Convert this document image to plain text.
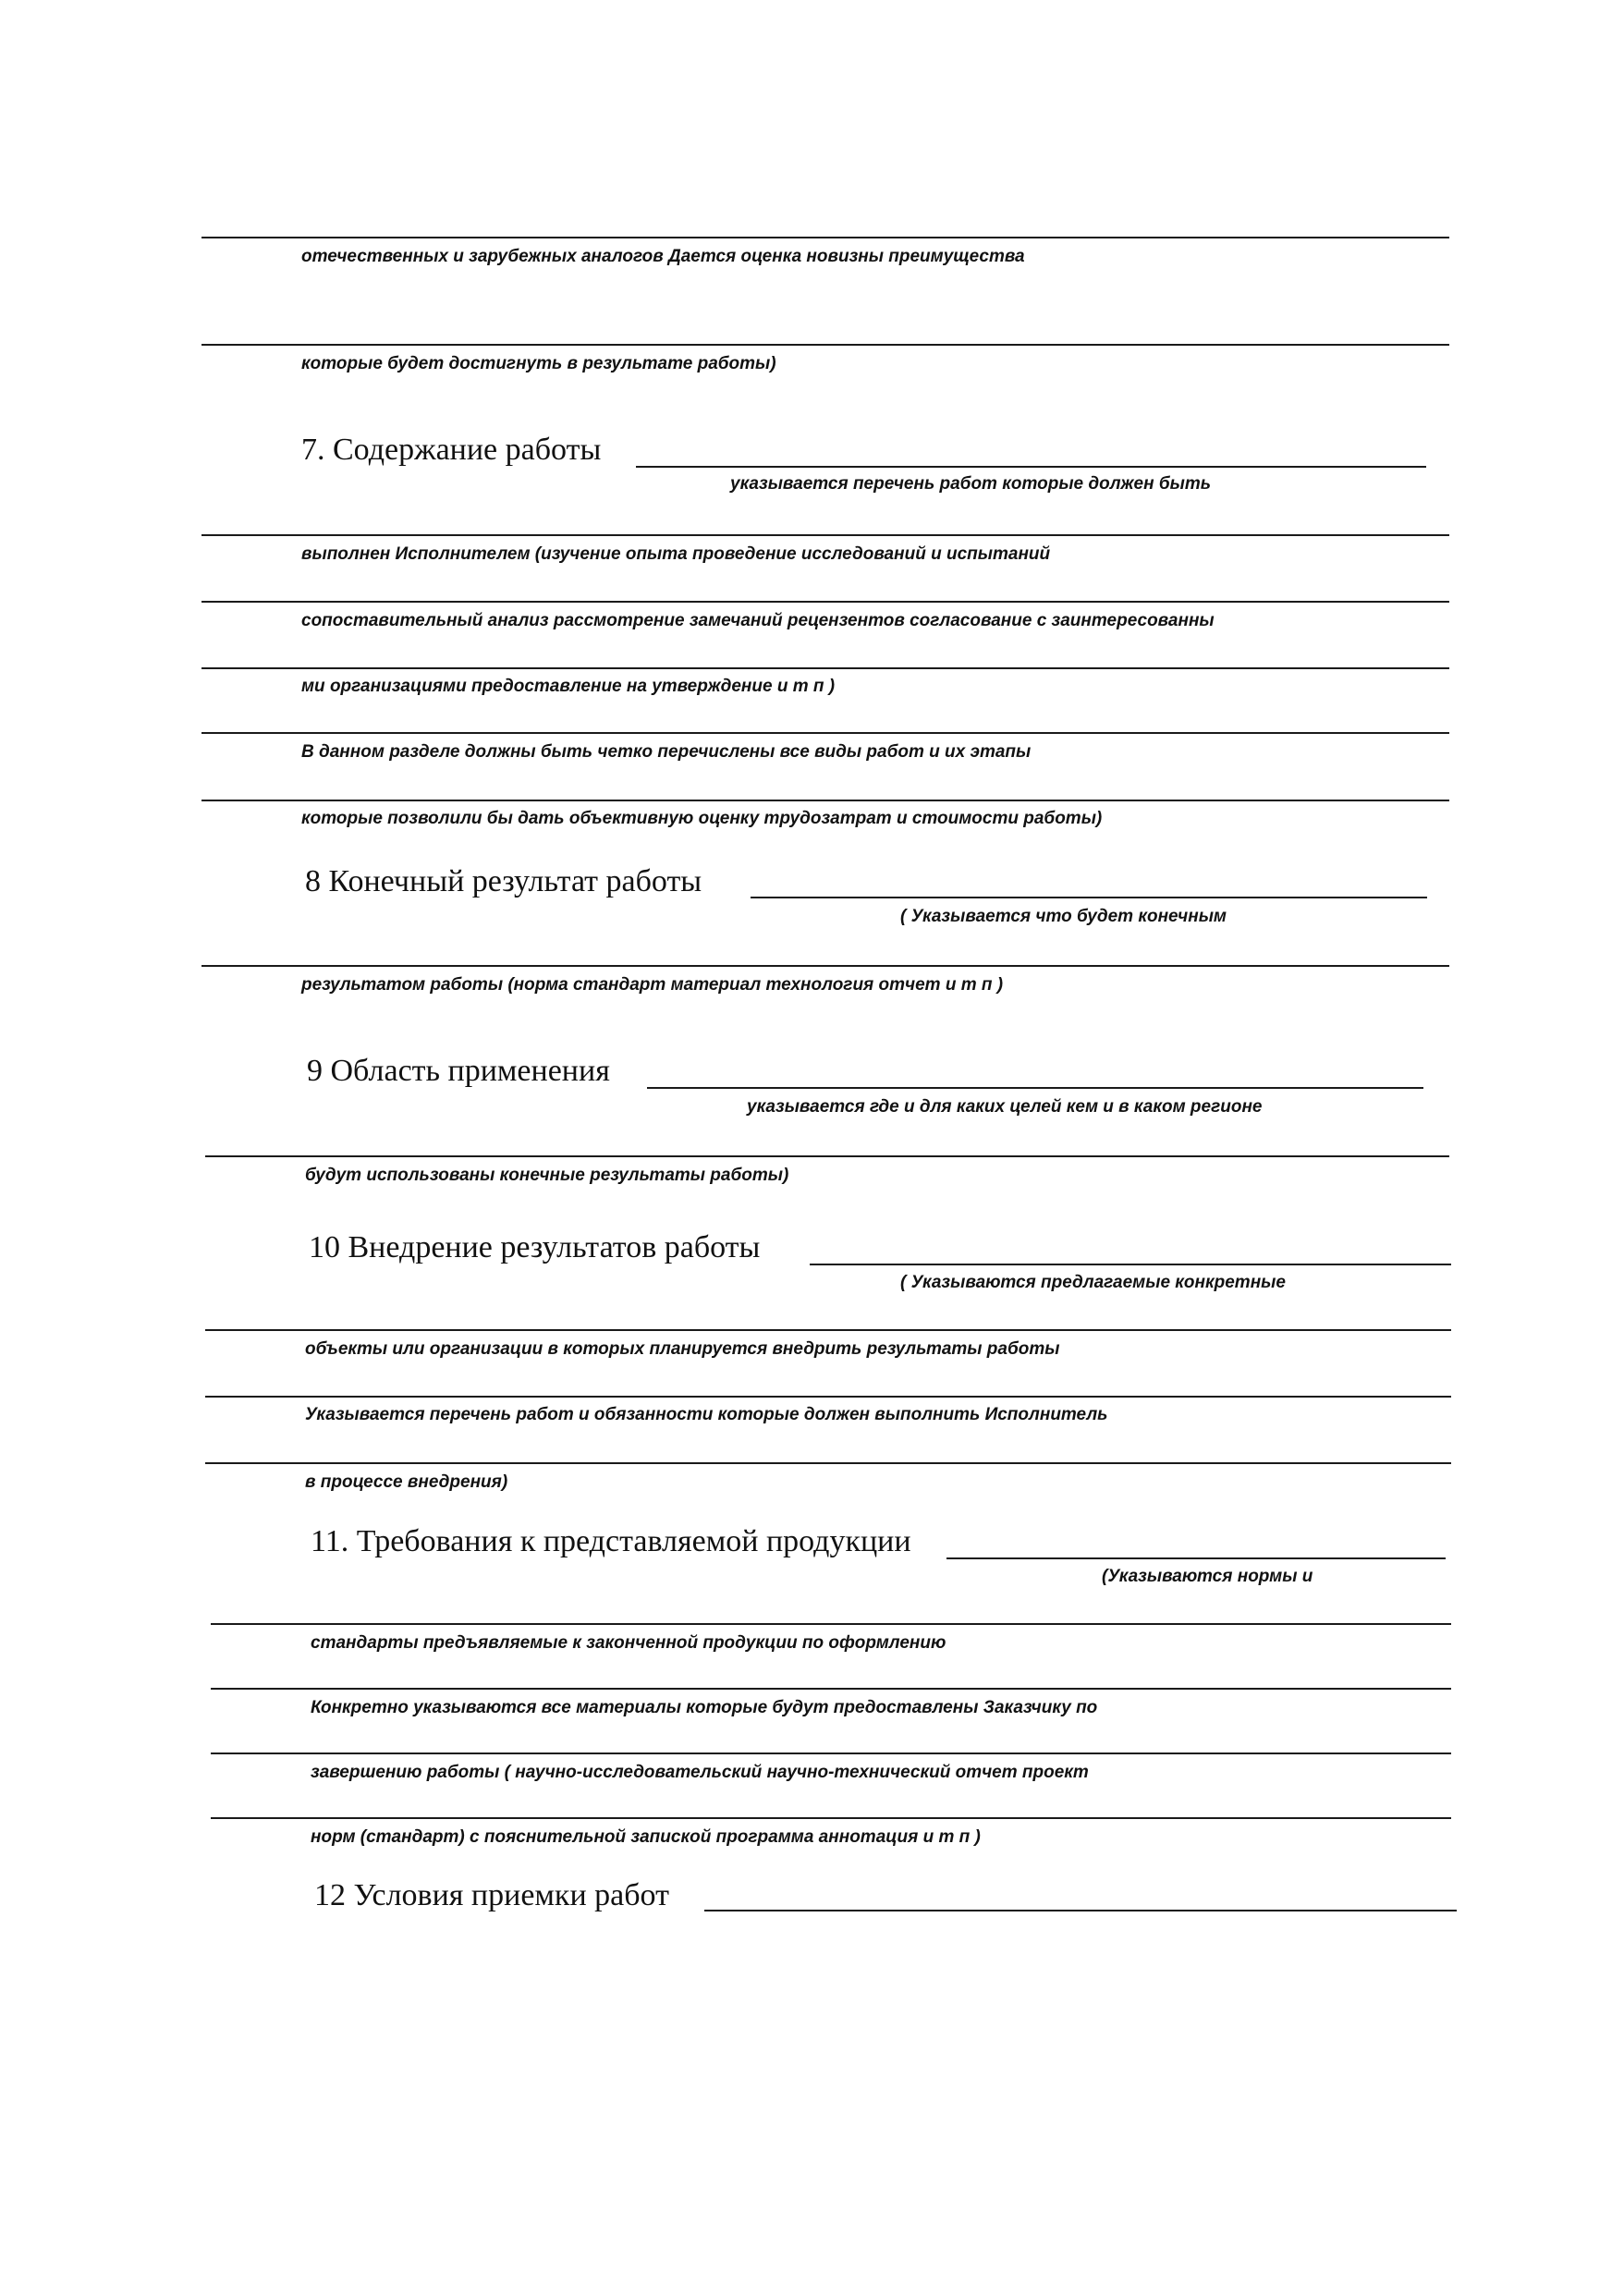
отечественных и зарубежных аналогов Дается оценка новизны преимущества
которые будет достигнуть в результате работы)
указывается перечень работ которые должен быть
выполнен Исполнителем (изучение опыта проведение исследований и испытаний
сопоставительный анализ рассмотрение замечаний рецензентов согласование с заинтересованны
ми организациями предоставление на утверждение и т п )
В данном разделе должны быть четко перечислены все виды работ и их этапы
которые позволили бы дать объективную оценку трудозатрат и стоимости работы)
( Указывается что будет конечным
результатом работы (норма стандарт материал технология отчет и т п )
указывается где и для каких целей кем и в каком регионе
будут использованы конечные результаты работы)
( Указываются предлагаемые конкретные
объекты или организации в которых планируется внедрить результаты работы
Указывается перечень работ и обязанности которые должен выполнить Исполнитель
в процессе внедрения)
(Указываются нормы и
стандарты предъявляемые к законченной продукции по оформлению
Конкретно указываются все материалы которые будут предоставлены Заказчику по
завершению работы ( научно-исследовательский научно-технический отчет проект
норм (стандарт) с пояснительной запиской программа аннотация и т п )
7. Содержание работы
8 Конечный результат работы
9 Область применения
10 Внедрение результатов работы
11. Требования к представляемой продукции
12 Условия приемки работ
